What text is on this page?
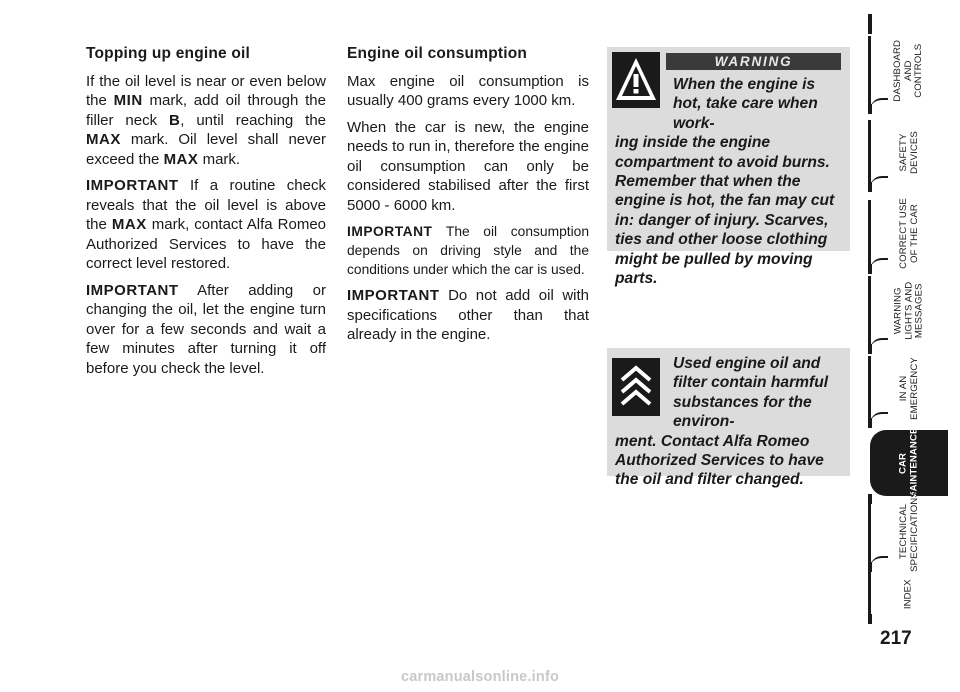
Topping up engine oil

If the oil level is near or even below the MIN mark, add oil through the filler neck B, until reaching the MAX mark. Oil level shall never exceed the MAX mark.

IMPORTANT If a routine check reveals that the oil level is above the MAX mark, contact Alfa Romeo Authorized Services to have the correct level restored.

IMPORTANT After adding or changing the oil, let the engine turn over for a few seconds and wait a few minutes after turning it off before you check the level.

Engine oil consumption

Max engine oil consumption is usually 400 grams every 1000 km.

When the car is new, the engine needs to run in, therefore the engine oil consumption can only be considered stabilised after the first 5000 - 6000 km.

IMPORTANT The oil consumption depends on driving style and the conditions under which the car is used.

IMPORTANT Do not add oil with specifications other than that already in the engine.

When the engine is hot, take care when work-
ing inside the engine compartment to avoid burns. Remember that when the engine is hot, the fan may cut in: danger of injury. Scarves, ties and other loose clothing might be pulled by moving parts.
WARNING
Used engine oil and filter contain harmful substances for the environ-
ment. Contact Alfa Romeo Authorized Services to have the oil and filter changed.
DASHBOARD
AND
CONTROLS
SAFETY
DEVICES
CORRECT USE
OF THE CAR
WARNING
LIGHTS AND
MESSAGES
IN AN
EMERGENCY
CAR
MAINTENANCE
TECHNICAL
SPECIFICATIONS
INDEX
217
carmanualsonline.info
